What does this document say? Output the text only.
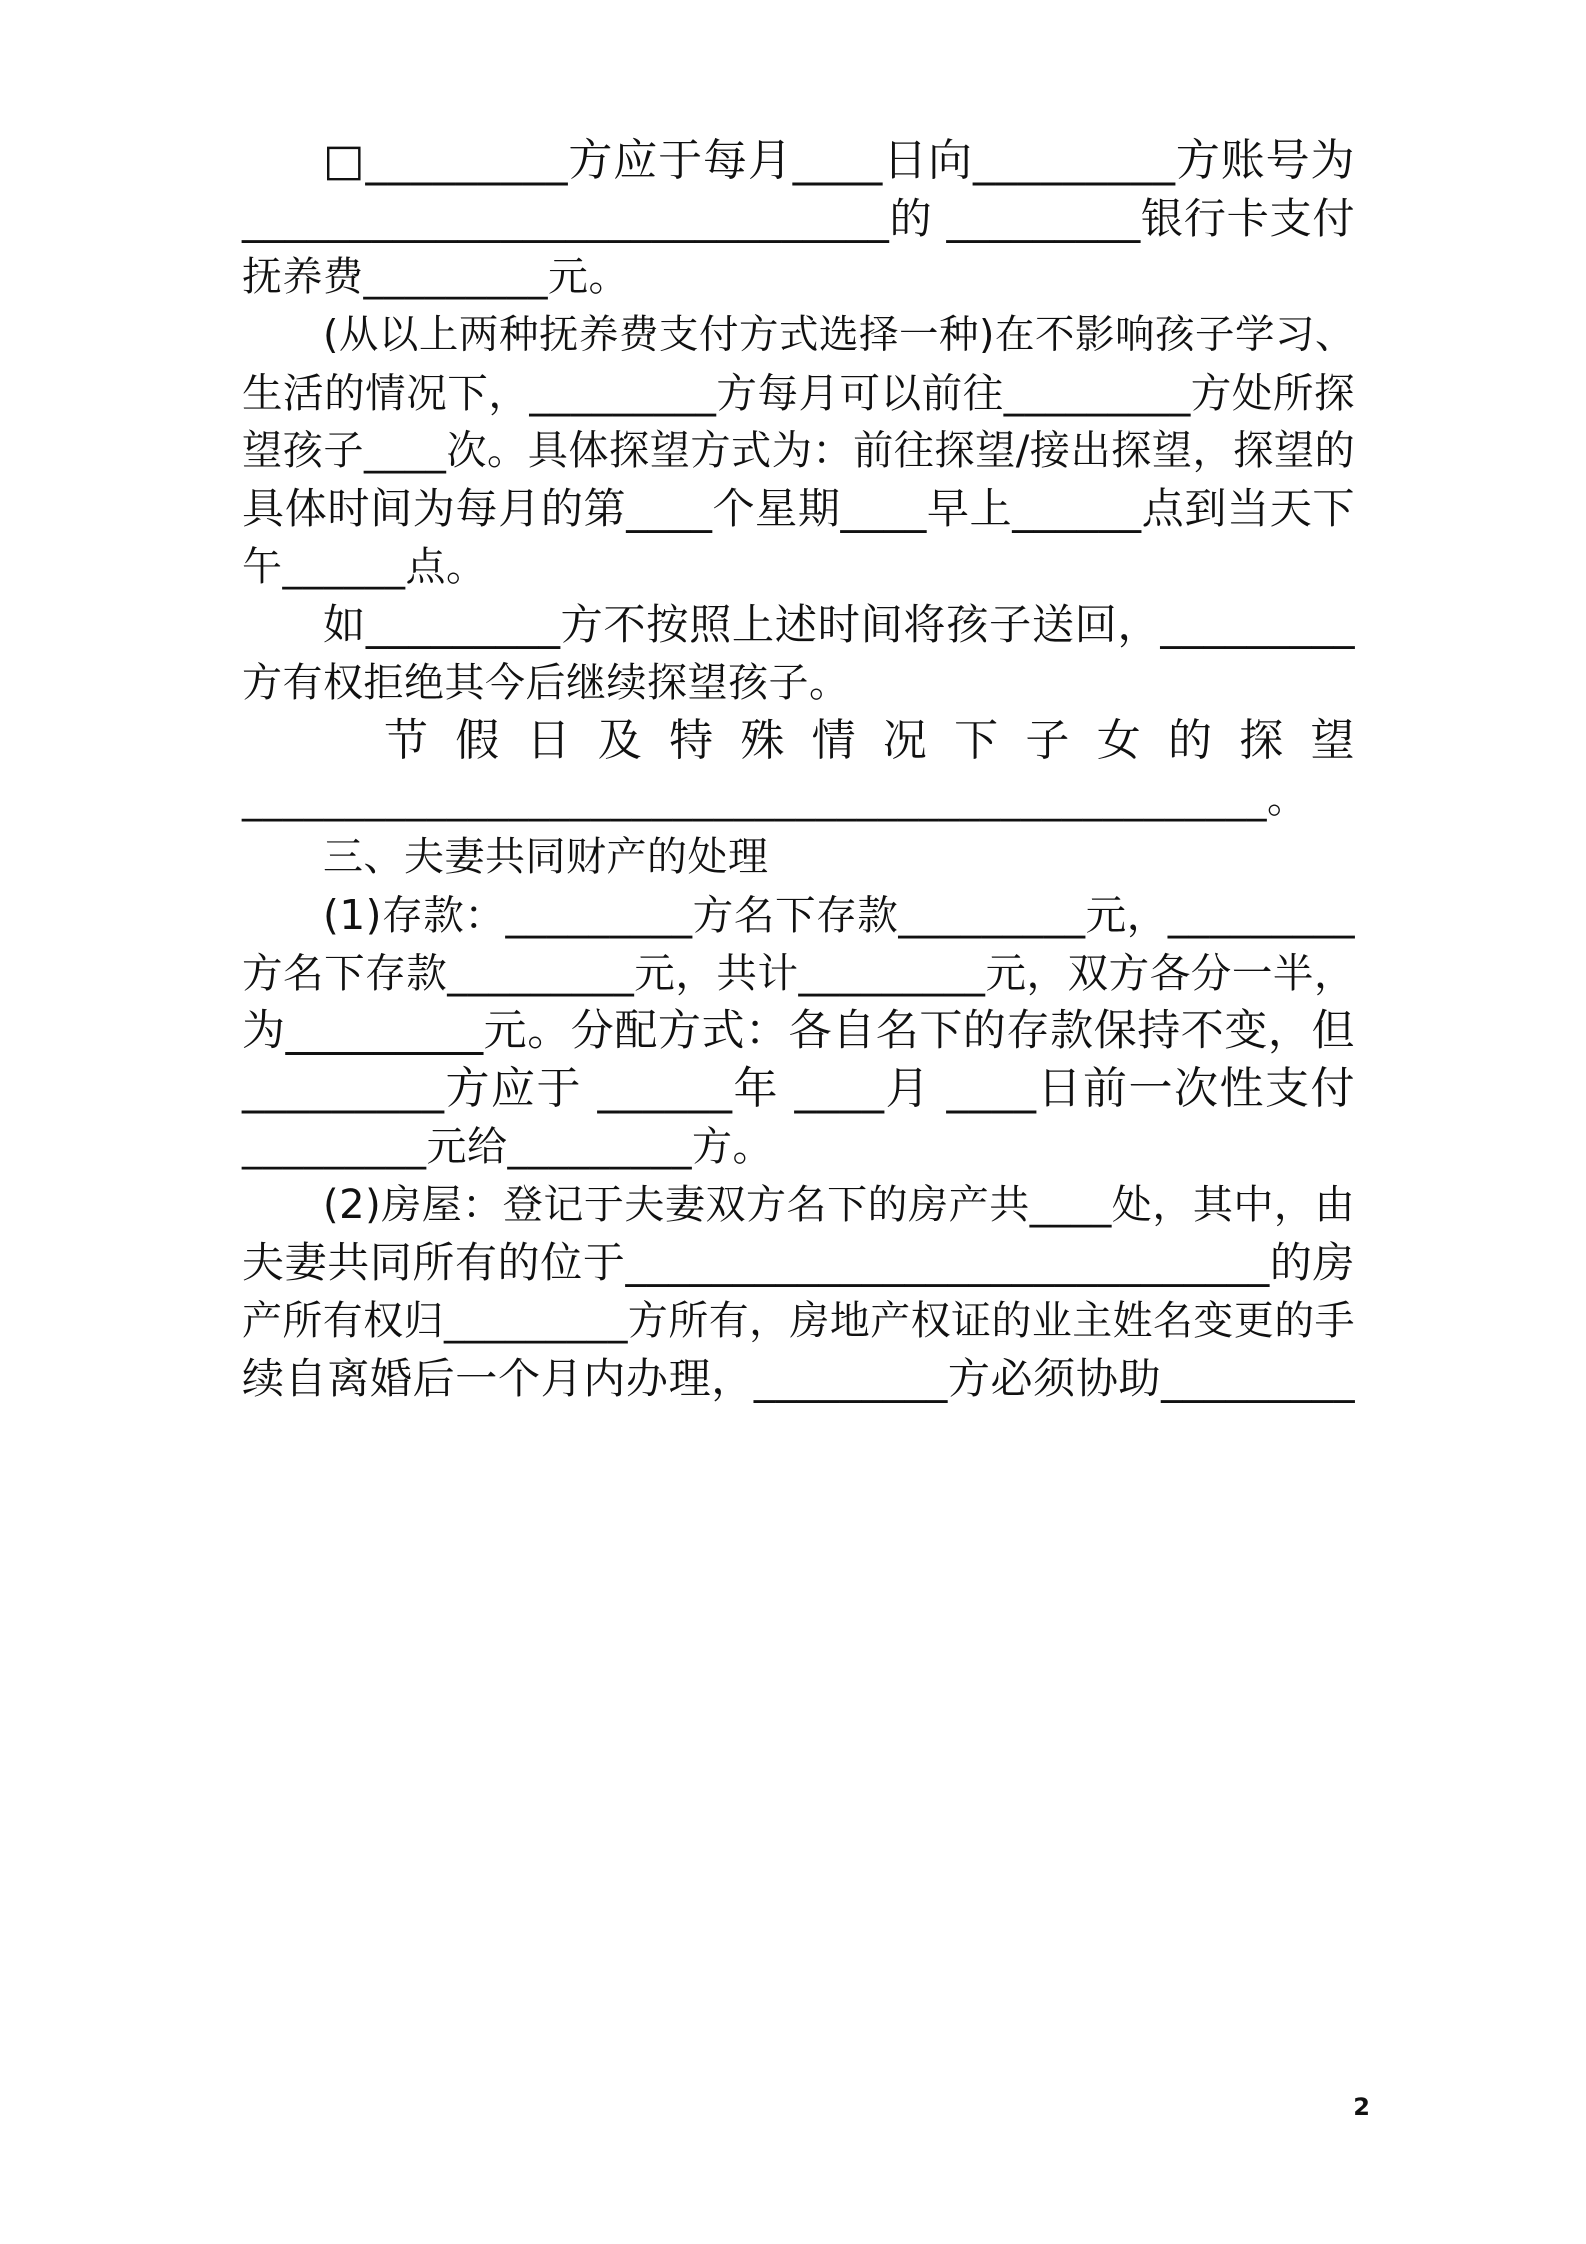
□_________方应于每月____日向_________方账号为
______________________________的 _________银行卡支付
抚养费_________元。
(从以上两种抚养费支付方式选择一种)在不影响孩子学习、
生活的情况下，_________方每月可以前往_________方处所探
望孩子____次。具体探望方式为：前往探望/接出探望，探望的
具体时间为每月的第____个星期____早上______点到当天下
午______点。
如_________方不按照上述时间将孩子送回，_________
方有权拒绝其今后继续探望孩子。
节假日及特殊情况下子女的探望
__________________________________________________。
三、夫妻共同财产的处理
(1)存款：_________方名下存款_________元，_________
方名下存款_________元，共计_________元，双方各分一半，
为_________元。分配方式：各自名下的存款保持不变，但
_________方应于 ______年 ____月 ____日前一次性支付
_________元给_________方。
(2)房屋：登记于夫妻双方名下的房产共____处，其中，由
夫妻共同所有的位于______________________________的房
产所有权归_________方所有，房地产权证的业主姓名变更的手
续自离婚后一个月内办理，_________方必须协助_________
2
